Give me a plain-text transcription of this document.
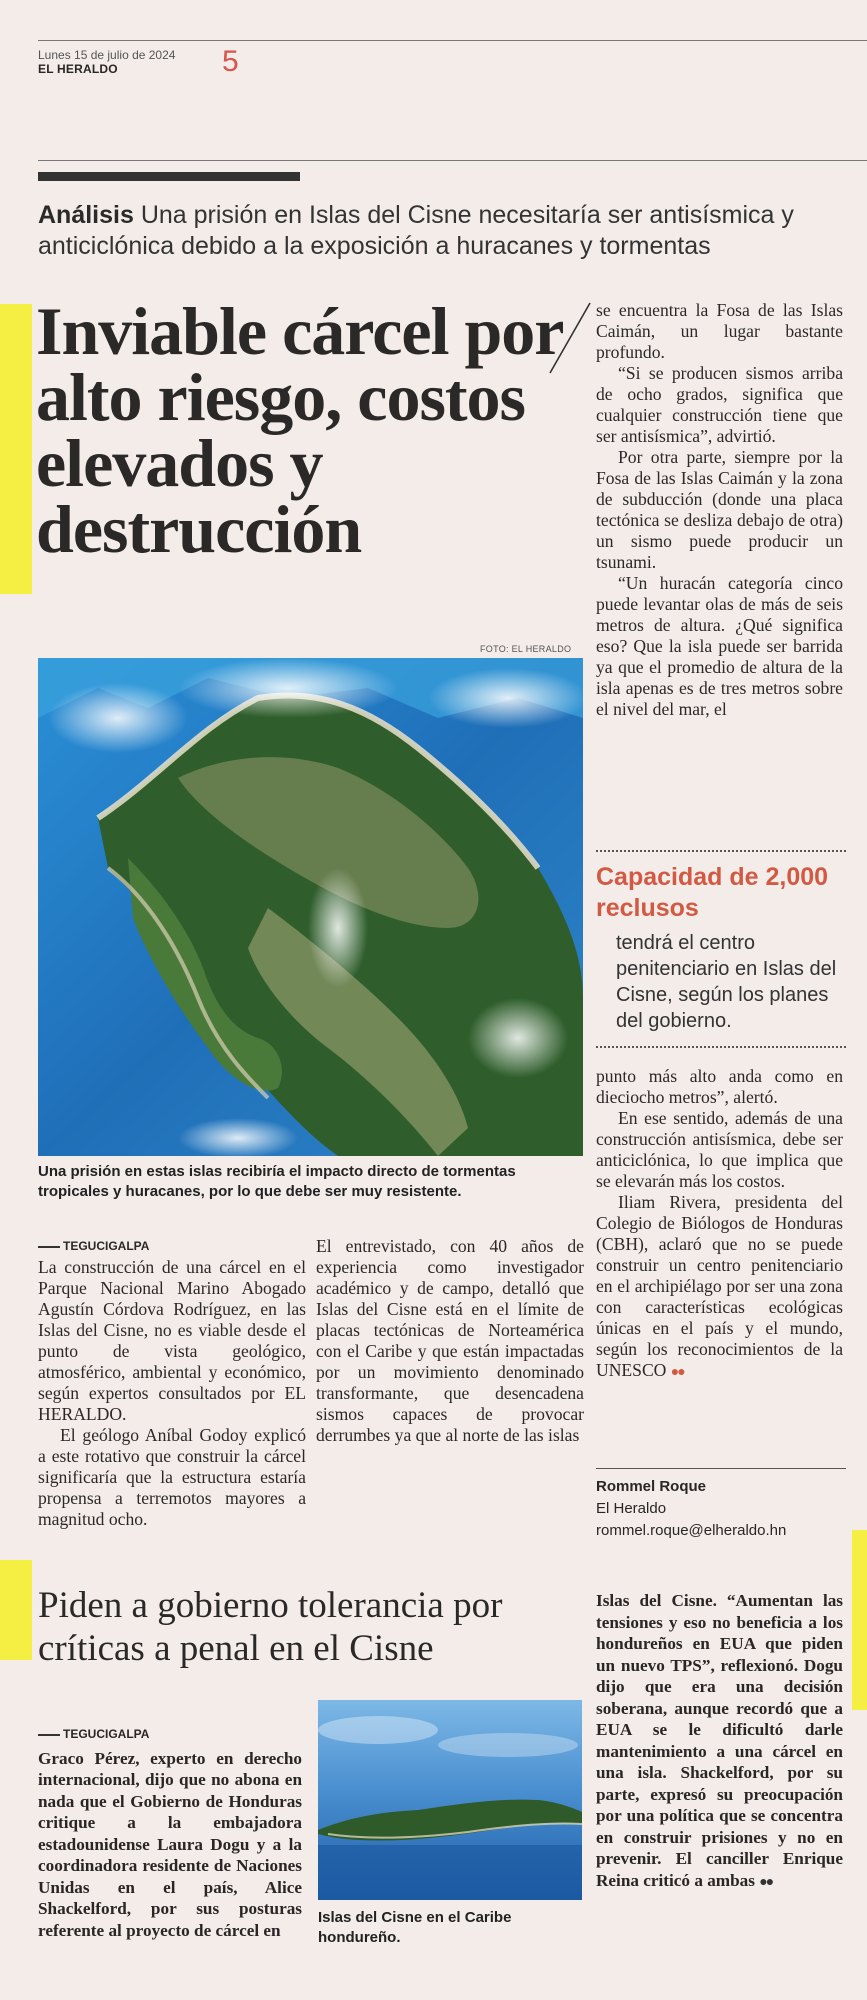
Lunes 15 de julio de 2024
EL HERALDO	5
Análisis Una prisión en Islas del Cisne necesitaría ser antisísmica y anticiclónica debido a la exposición a huracanes y tormentas
Inviable cárcel por alto riesgo, costos elevados y destrucción
FOTO: EL HERALDO
Una prisión en estas islas recibiría el impacto directo de tormentas tropicales y huracanes, por lo que debe ser muy resistente.
TEGUCIGALPA

La construcción de una cárcel en el Parque Nacional Marino Abogado Agustín Córdova Rodríguez, en las Islas del Cisne, no es viable desde el punto de vista geológico, atmosférico, ambiental y económico, según expertos consultados por EL HERALDO.

El geólogo Aníbal Godoy explicó a este rotativo que construir la cárcel significaría que la estructura estaría propensa a terremotos mayores a magnitud ocho.

El entrevistado, con 40 años de experiencia como investigador académico y de campo, detalló que Islas del Cisne está en el límite de placas tectónicas de Norteamérica con el Caribe y que están impactadas por un movimiento denominado transformante, que desencadena sismos capaces de provocar derrumbes ya que al norte de las islas

se encuentra la Fosa de las Islas Caimán, un lugar bastante profundo.

“Si se producen sismos arriba de ocho grados, significa que cualquier construcción tiene que ser antisísmica”, advirtió.

Por otra parte, siempre por la Fosa de las Islas Caimán y la zona de subducción (donde una placa tectónica se desliza debajo de otra) un sismo puede producir un tsunami.

“Un huracán categoría cinco puede levantar olas de más de seis metros de altura. ¿Qué significa eso? Que la isla puede ser barrida ya que el promedio de altura de la isla apenas es de tres metros sobre el nivel del mar, el

Capacidad de 2,000 reclusos
tendrá el centro penitenciario en Islas del Cisne, según los planes del gobierno.

punto más alto anda como en dieciocho metros”, alertó.

En ese sentido, además de una construcción antisísmica, debe ser anticiclónica, lo que implica que se elevarán más los costos.

Iliam Rivera, presidenta del Colegio de Biólogos de Honduras (CBH), aclaró que no se puede construir un centro penitenciario en el archipiélago por ser una zona con características ecológicas únicas en el país y el mundo, según los reconocimientos de la UNESCO ●●

Rommel Roque
El Heraldo
rommel.roque@elheraldo.hn
Piden a gobierno tolerancia por críticas a penal en el Cisne
TEGUCIGALPA

Graco Pérez, experto en derecho internacional, dijo que no abona en nada que el Gobierno de Honduras critique a la embajadora estadounidense Laura Dogu y a la coordinadora residente de Naciones Unidas en el país, Alice Shackelford, por sus posturas referente al proyecto de cárcel en

Islas del Cisne en el Caribe hondureño.

Islas del Cisne. “Aumentan las tensiones y eso no beneficia a los hondureños en EUA que piden un nuevo TPS”, reflexionó. Dogu dijo que era una decisión soberana, aunque recordó que a EUA se le dificultó darle mantenimiento a una cárcel en una isla. Shackelford, por su parte, expresó su preocupación por una política que se concentra en construir prisiones y no en prevenir. El canciller Enrique Reina criticó a ambas ●●
